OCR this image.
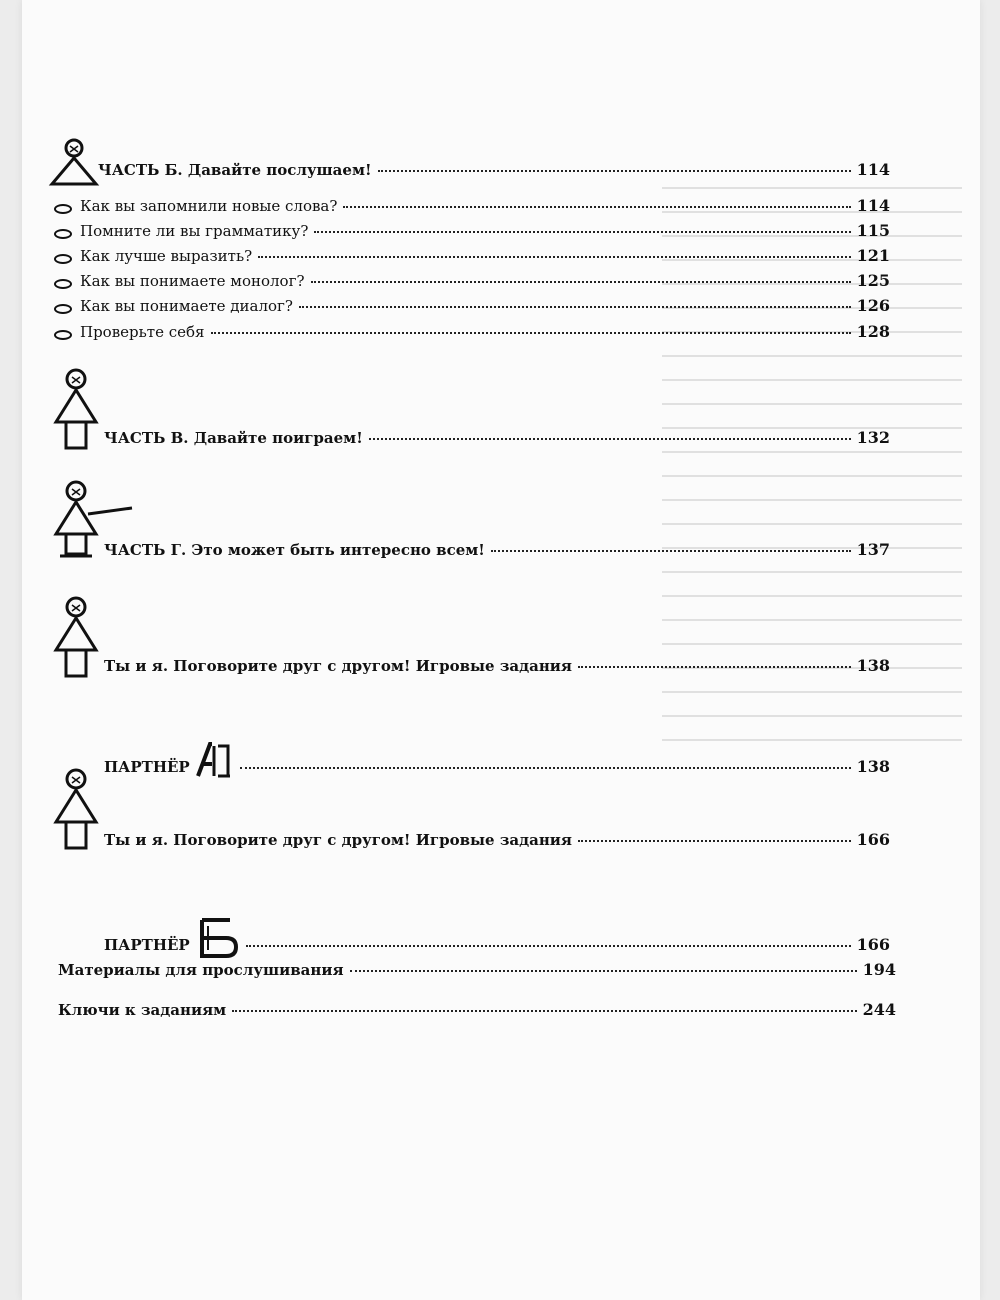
ЧАСТЬ Б. Давайте послушаем!	114
Как вы запомнили новые слова?	114
Помните ли вы грамматику?	115
Как лучше выразить?	121
Как вы понимаете монолог?	125
Как вы понимаете диалог?	126
Проверьте себя	128
ЧАСТЬ В. Давайте поиграем!	132
ЧАСТЬ Г. Это может быть интересно всем!	137
Ты и я. Поговорите друг с другом! Игровые задания	138
ПАРТНЁР	138
Ты и я. Поговорите друг с другом! Игровые задания	166
ПАРТНЁР	166
Материалы для прослушивания	194
Ключи к заданиям	244
